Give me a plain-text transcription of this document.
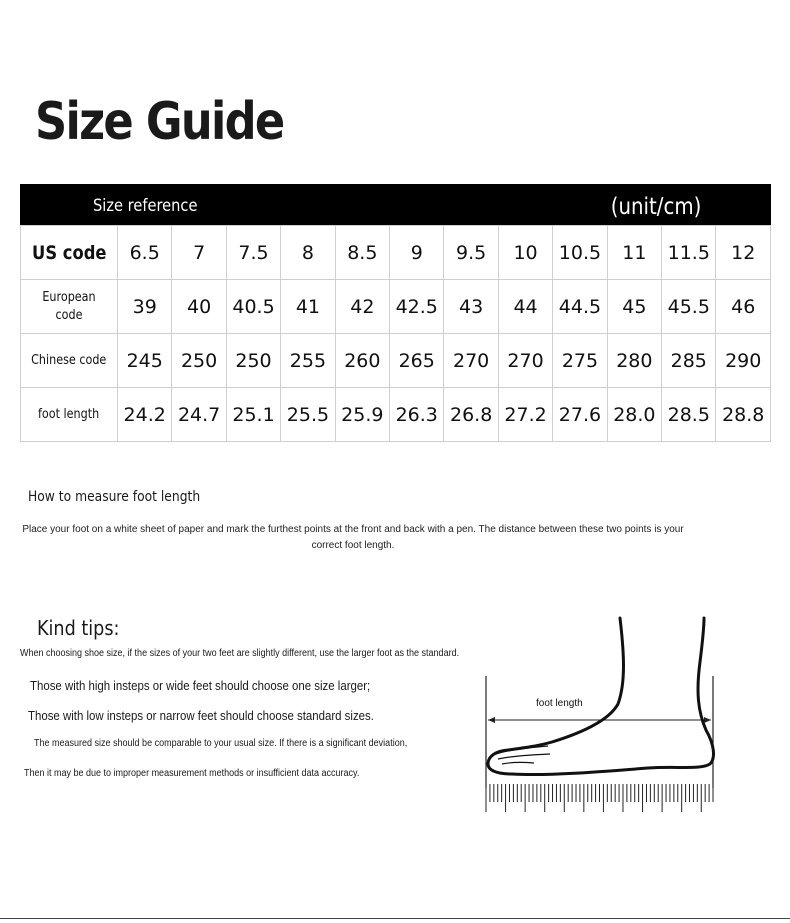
Size Guide
Size reference	(unit/cm)
US code	6.5	7	7.5	8	8.5	9	9.5	10	10.5	11	11.5	12
European code	39	40	40.5	41	42	42.5	43	44	44.5	45	45.5	46
Chinese code	245	250	250	255	260	265	270	270	275	280	285	290
foot length	24.2	24.7	25.1	25.5	25.9	26.3	26.8	27.2	27.6	28.0	28.5	28.8
How to measure foot length
Place your foot on a white sheet of paper and mark the furthest points at the front and back with a pen. The distance between these two points is your correct foot length.
Kind tips:
When choosing shoe size, if the sizes of your two feet are slightly different, use the larger foot as the standard.
Those with high insteps or wide feet should choose one size larger;
Those with low insteps or narrow feet should choose standard sizes.
The measured size should be comparable to your usual size. If there is a significant deviation,
Then it may be due to improper measurement methods or insufficient data accuracy.
foot length
